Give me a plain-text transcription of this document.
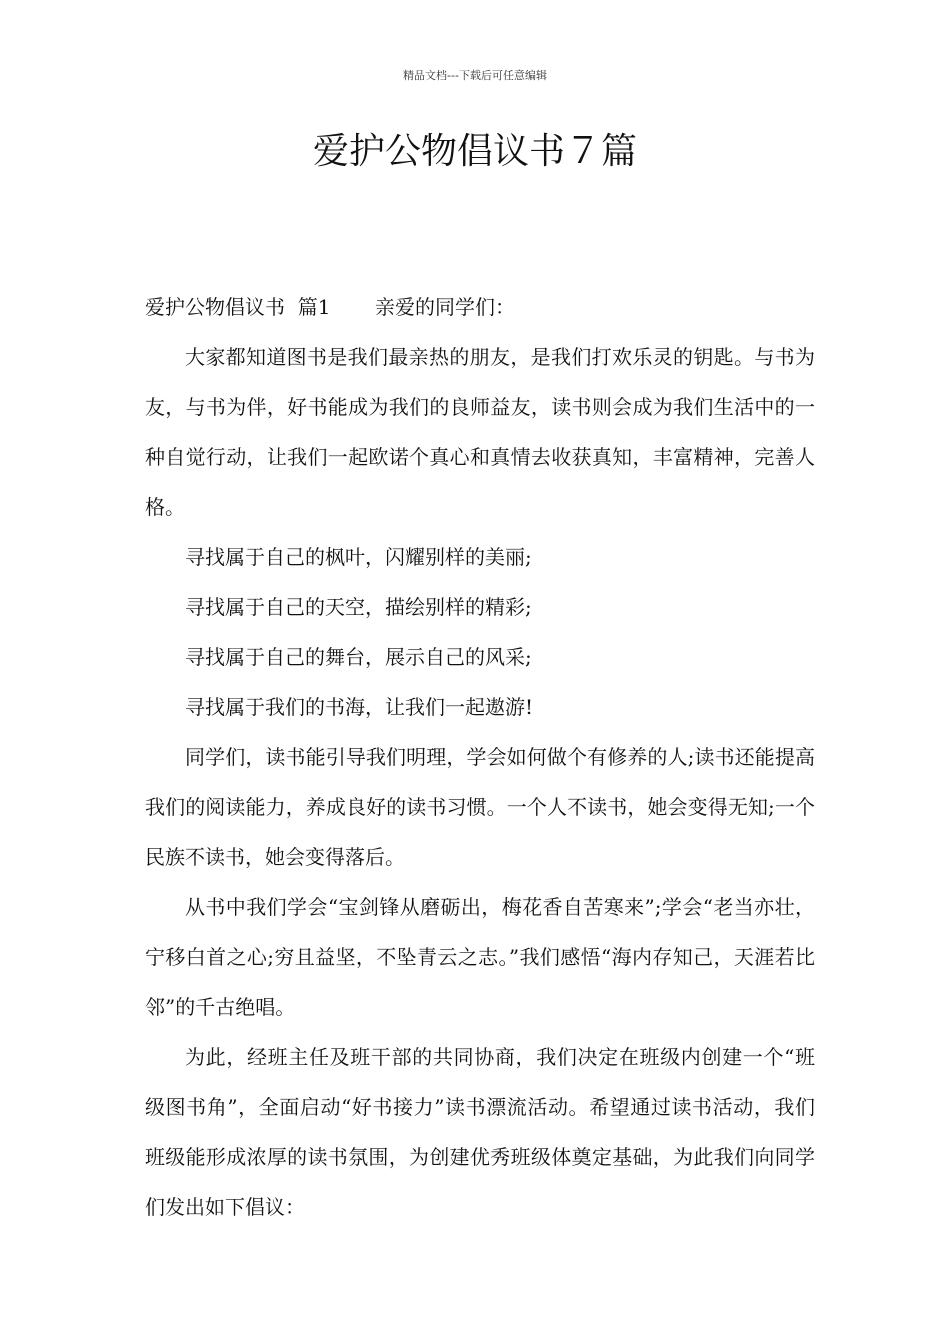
精品文档---下载后可任意编辑
爱护公物倡议书７篇

爱护公物倡议书  篇1 亲爱的同学们：

大家都知道图书是我们最亲热的朋友，是我们打欢乐灵的钥匙。与书为友，与书为伴，好书能成为我们的良师益友，读书则会成为我们生活中的一种自觉行动，让我们一起欧诺个真心和真情去收获真知，丰富精神，完善人格。

寻找属于自己的枫叶，闪耀别样的美丽;

寻找属于自己的天空，描绘别样的精彩;

寻找属于自己的舞台，展示自己的风采;

寻找属于我们的书海，让我们一起遨游!

同学们，读书能引导我们明理，学会如何做个有修养的人;读书还能提高我们的阅读能力，养成良好的读书习惯。一个人不读书，她会变得无知;一个民族不读书，她会变得落后。

从书中我们学会“宝剑锋从磨砺出，梅花香自苦寒来”;学会“老当亦壮，宁移白首之心;穷且益坚，不坠青云之志。”我们感悟“海内存知己，天涯若比邻”的千古绝唱。

为此，经班主任及班干部的共同协商，我们决定在班级内创建一个“班级图书角”，全面启动“好书接力”读书漂流活动。希望通过读书活动，我们班级能形成浓厚的读书氛围，为创建优秀班级体奠定基础，为此我们向同学们发出如下倡议：
